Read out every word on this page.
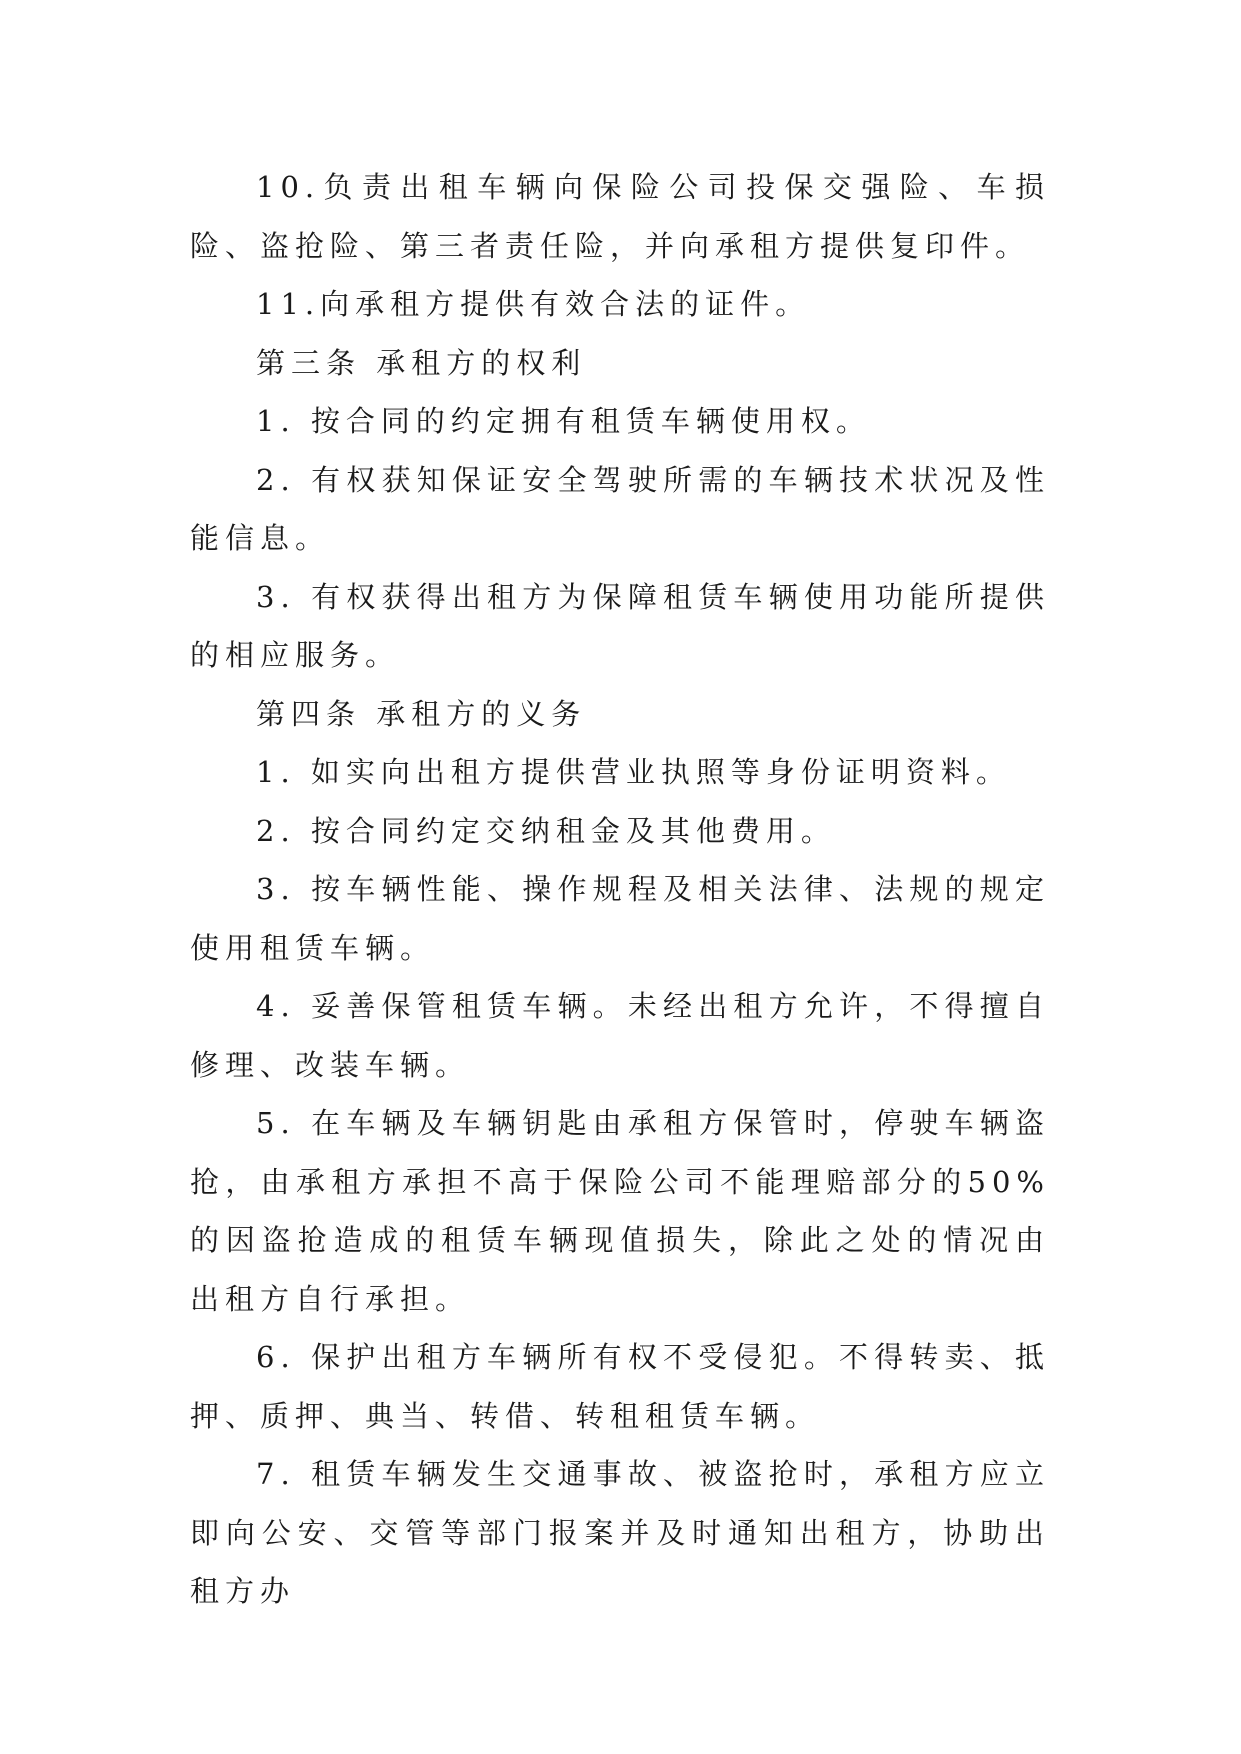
10.负责出租车辆向保险公司投保交强险、车损险、盗抢险、第三者责任险，并向承租方提供复印件。

11.向承租方提供有效合法的证件。

第三条 承租方的权利

1. 按合同的约定拥有租赁车辆使用权。

2. 有权获知保证安全驾驶所需的车辆技术状况及性能信息。

3. 有权获得出租方为保障租赁车辆使用功能所提供的相应服务。

第四条 承租方的义务

1. 如实向出租方提供营业执照等身份证明资料。

2. 按合同约定交纳租金及其他费用。

3. 按车辆性能、操作规程及相关法律、法规的规定使用租赁车辆。

4. 妥善保管租赁车辆。未经出租方允许，不得擅自修理、改装车辆。

5. 在车辆及车辆钥匙由承租方保管时，停驶车辆盗抢，由承租方承担不高于保险公司不能理赔部分的50%的因盗抢造成的租赁车辆现值损失，除此之处的情况由出租方自行承担。

6. 保护出租方车辆所有权不受侵犯。不得转卖、抵押、质押、典当、转借、转租租赁车辆。

7. 租赁车辆发生交通事故、被盗抢时，承租方应立即向公安、交管等部门报案并及时通知出租方，协助出租方办
